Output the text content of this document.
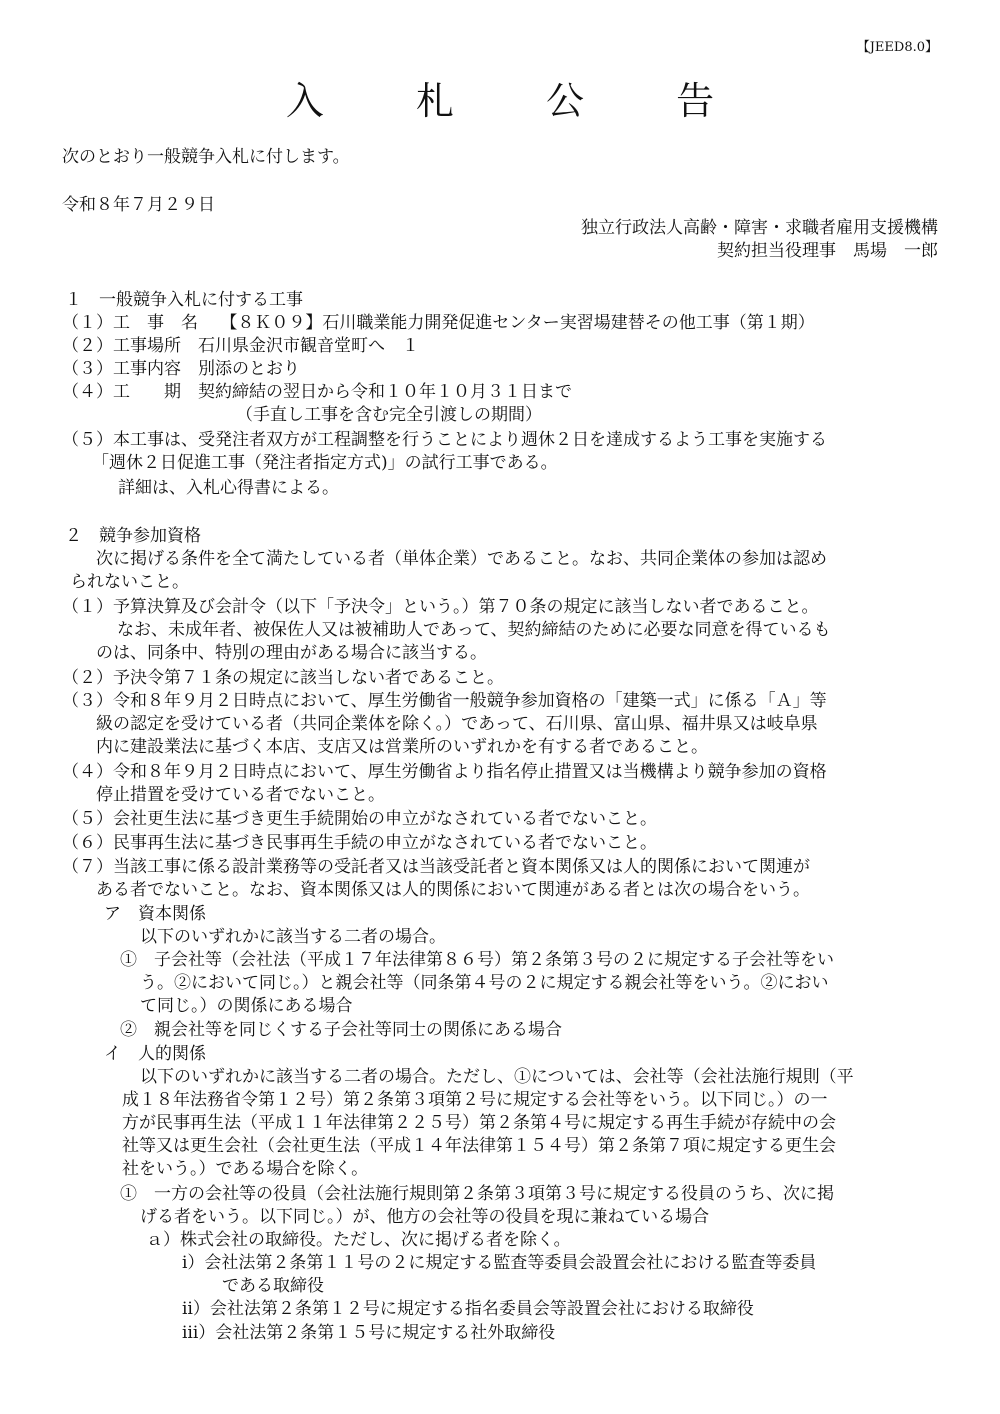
【JEED8.0】
入 札 公 告
次のとおり一般競争入札に付します。
令和８年７月２９日
独立行政法人高齢・障害・求職者雇用支援機構
契約担当役理事　馬場　一郎
１　一般競争入札に付する工事
（１）工　事　名　 【８Ｋ０９】石川職業能力開発促進センター実習場建替その他工事（第１期）
（２）工事場所　石川県金沢市観音堂町へ　１
（３）工事内容　別添のとおり
（４）工　　期　契約締結の翌日から令和１０年１０月３１日まで
（手直し工事を含む完全引渡しの期間）
（５）本工事は、受発注者双方が工程調整を行うことにより週休２日を達成するよう工事を実施する
「週休２日促進工事（発注者指定方式)」の試行工事である。
詳細は、入札心得書による。
２　競争参加資格
次に掲げる条件を全て満たしている者（単体企業）であること。なお、共同企業体の参加は認め
られないこと。
（１）予算決算及び会計令（以下「予決令」という。）第７０条の規定に該当しない者であること。
なお、未成年者、被保佐人又は被補助人であって、契約締結のために必要な同意を得ているも
のは、同条中、特別の理由がある場合に該当する。
（２）予決令第７１条の規定に該当しない者であること。
（３）令和８年９月２日時点において、厚生労働省一般競争参加資格の「建築一式」に係る「Ａ」等
級の認定を受けている者（共同企業体を除く。）であって、石川県、富山県、福井県又は岐阜県
内に建設業法に基づく本店、支店又は営業所のいずれかを有する者であること。
（４）令和８年９月２日時点において、厚生労働省より指名停止措置又は当機構より競争参加の資格
停止措置を受けている者でないこと。
（５）会社更生法に基づき更生手続開始の申立がなされている者でないこと。
（６）民事再生法に基づき民事再生手続の申立がなされている者でないこと。
（７）当該工事に係る設計業務等の受託者又は当該受託者と資本関係又は人的関係において関連が
ある者でないこと。なお、資本関係又は人的関係において関連がある者とは次の場合をいう。
ア　資本関係
以下のいずれかに該当する二者の場合。
①　子会社等（会社法（平成１７年法律第８６号）第２条第３号の２に規定する子会社等をい
う。②において同じ。）と親会社等（同条第４号の２に規定する親会社等をいう。②におい
て同じ。）の関係にある場合
②　親会社等を同じくする子会社等同士の関係にある場合
イ　人的関係
以下のいずれかに該当する二者の場合。ただし、①については、会社等（会社法施行規則（平
成１８年法務省令第１２号）第２条第３項第２号に規定する会社等をいう。以下同じ。）の一
方が民事再生法（平成１１年法律第２２５号）第２条第４号に規定する再生手続が存続中の会
社等又は更生会社（会社更生法（平成１４年法律第１５４号）第２条第７項に規定する更生会
社をいう。）である場合を除く。
①　一方の会社等の役員（会社法施行規則第２条第３項第３号に規定する役員のうち、次に掲
げる者をいう。以下同じ。）が、他方の会社等の役員を現に兼ねている場合
ａ）株式会社の取締役。ただし、次に掲げる者を除く。
ⅰ）会社法第２条第１１号の２に規定する監査等委員会設置会社における監査等委員
である取締役
ⅱ）会社法第２条第１２号に規定する指名委員会等設置会社における取締役
ⅲ）会社法第２条第１５号に規定する社外取締役
